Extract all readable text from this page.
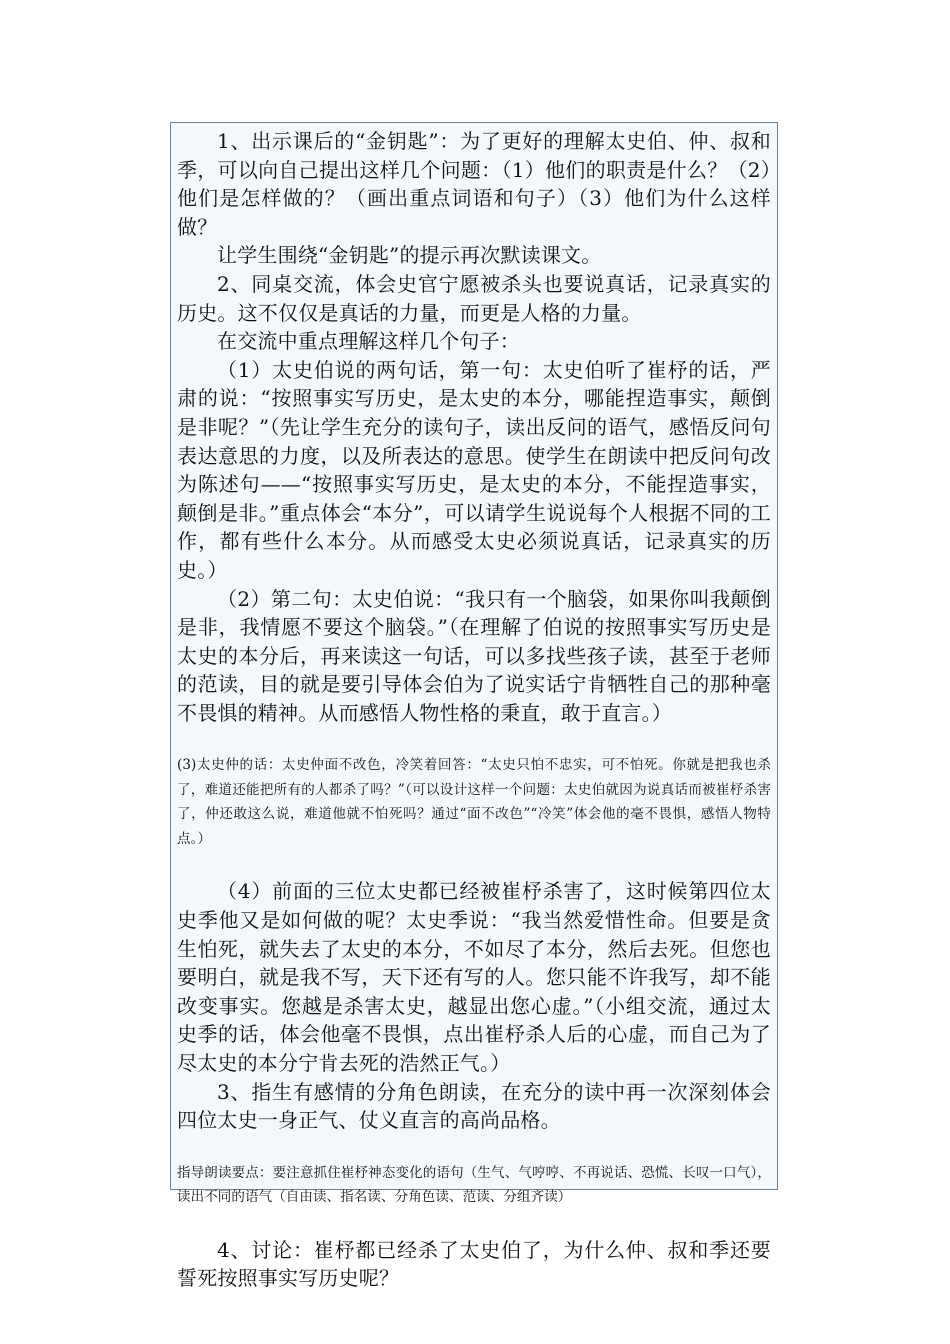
1、出示课后的“金钥匙”：为了更好的理解太史伯、仲、叔和季，可以向自己提出这样几个问题：（1）他们的职责是什么？（2）他们是怎样做的？（画出重点词语和句子）（3）他们为什么这样做？

让学生围绕“金钥匙”的提示再次默读课文。

2、同桌交流，体会史官宁愿被杀头也要说真话，记录真实的历史。这不仅仅是真话的力量，而更是人格的力量。

在交流中重点理解这样几个句子：

（1）太史伯说的两句话，第一句：太史伯听了崔杼的话，严肃的说：“按照事实写历史，是太史的本分，哪能捏造事实，颠倒是非呢？”（先让学生充分的读句子，读出反问的语气，感悟反问句表达意思的力度，以及所表达的意思。使学生在朗读中把反问句改为陈述句——“按照事实写历史，是太史的本分，不能捏造事实，颠倒是非。”重点体会“本分”，可以请学生说说每个人根据不同的工作，都有些什么本分。从而感受太史必须说真话，记录真实的历史。）

（2）第二句：太史伯说：“我只有一个脑袋，如果你叫我颠倒是非，我情愿不要这个脑袋。”（在理解了伯说的按照事实写历史是太史的本分后，再来读这一句话，可以多找些孩子读，甚至于老师的范读，目的就是要引导体会伯为了说实话宁肯牺牲自己的那种毫不畏惧的精神。从而感悟人物性格的秉直，敢于直言。）

(3)太史仲的话：太史仲面不改色，冷笑着回答：“太史只怕不忠实，可不怕死。你就是把我也杀了，难道还能把所有的人都杀了吗？”（可以设计这样一个问题：太史伯就因为说真话而被崔杼杀害了，仲还敢这么说，难道他就不怕死吗？通过“面不改色”“冷笑”体会他的毫不畏惧，感悟人物特点。）

（4）前面的三位太史都已经被崔杼杀害了，这时候第四位太史季他又是如何做的呢？太史季说：“我当然爱惜性命。但要是贪生怕死，就失去了太史的本分，不如尽了本分，然后去死。但您也要明白，就是我不写，天下还有写的人。您只能不许我写，却不能改变事实。您越是杀害太史，越显出您心虚。”（小组交流，通过太史季的话，体会他毫不畏惧，点出崔杼杀人后的心虚，而自己为了尽太史的本分宁肯去死的浩然正气。）

3、指生有感情的分角色朗读，在充分的读中再一次深刻体会四位太史一身正气、仗义直言的高尚品格。

指导朗读要点：要注意抓住崔杼神态变化的语句（生气、气哼哼、不再说话、恐慌、长叹一口气），读出不同的语气（自由读、指名读、分角色读、范读、分组齐读）

4、讨论：崔杼都已经杀了太史伯了，为什么仲、叔和季还要誓死按照事实写历史呢？
